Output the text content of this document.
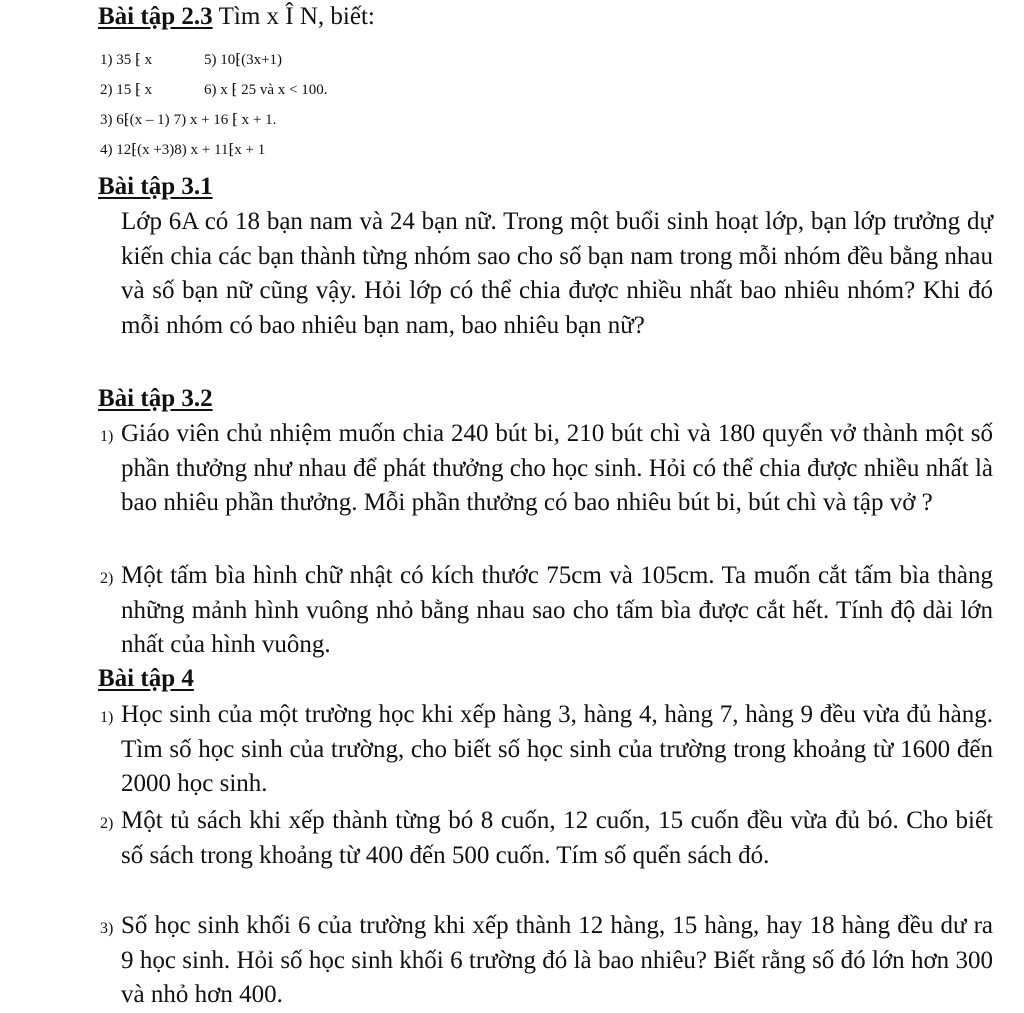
Bài tập 2.3 Tìm x Î N, biết:
1) 35 ⁅ x	5) 10⁅(3x+1)
2) 15 ⁅ x	6) x ⁅ 25 và x < 100.
3) 6⁅(x – 1) 7) x + 16 ⁅ x + 1.
4) 12⁅(x +3) 8) x + 11⁅x + 1
Bài tập 3.1

Lớp 6A có 18 bạn nam và 24 bạn nữ. Trong một buổi sinh hoạt lớp, bạn lớp trưởng dự kiến chia các bạn thành từng nhóm sao cho số bạn nam trong mỗi nhóm đều bằng nhau và số bạn nữ cũng vậy. Hỏi lớp có thể chia được nhiều nhất bao nhiêu nhóm? Khi đó mỗi nhóm có bao nhiêu bạn nam, bao nhiêu bạn nữ?

Bài tập 3.2
1) Giáo viên chủ nhiệm muốn chia 240 bút bi, 210 bút chì và 180 quyển vở thành một số phần thưởng như nhau để phát thưởng cho học sinh. Hỏi có thể chia được nhiều nhất là bao nhiêu phần thưởng. Mỗi phần thưởng có bao nhiêu bút bi, bút chì và tập vở ?
2) Một tấm bìa hình chữ nhật có kích thước 75cm và 105cm. Ta muốn cắt tấm bìa thàng những mảnh hình vuông nhỏ bằng nhau sao cho tấm bìa được cắt hết. Tính độ dài lớn nhất của hình vuông.
Bài tập 4
1) Học sinh của một trường học khi xếp hàng 3, hàng 4, hàng 7, hàng 9 đều vừa đủ hàng. Tìm số học sinh của trường, cho biết số học sinh của trường trong khoảng từ 1600 đến 2000 học sinh.
2) Một tủ sách khi xếp thành từng bó 8 cuốn, 12 cuốn, 15 cuốn đều vừa đủ bó. Cho biết số sách trong khoảng từ 400 đến 500 cuốn. Tím số quển sách đó.
3) Số học sinh khối 6 của trường khi xếp thành 12 hàng, 15 hàng, hay 18 hàng đều dư ra 9 học sinh. Hỏi số học sinh khối 6 trường đó là bao nhiêu? Biết rằng số đó lớn hơn 300 và nhỏ hơn 400.
